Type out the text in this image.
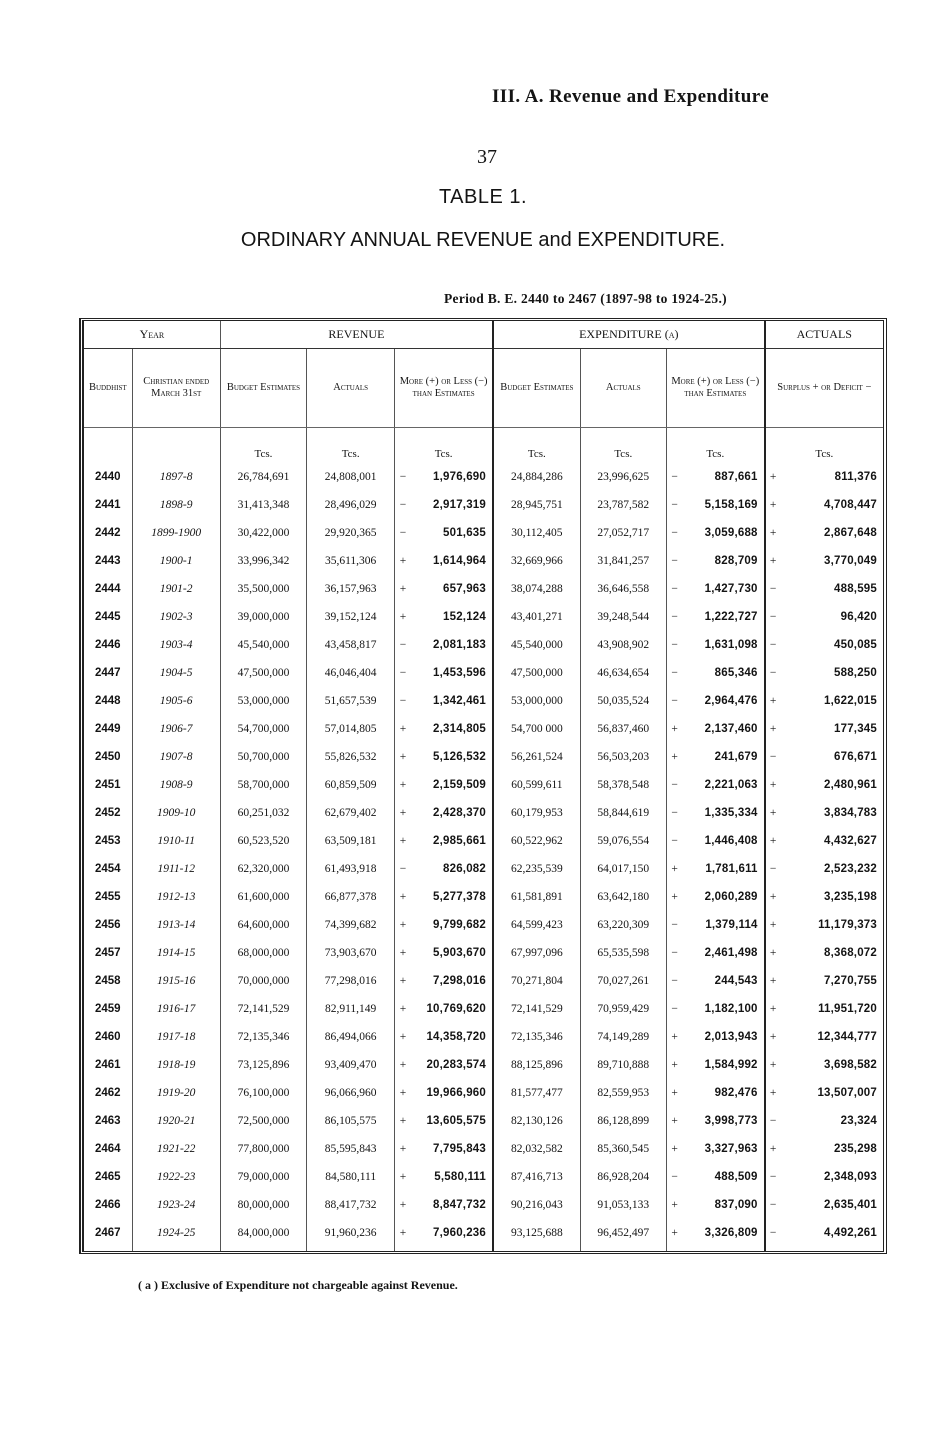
III. A. Revenue and Expenditure
37
TABLE 1.
ORDINARY ANNUAL REVENUE and EXPENDITURE.
Period B. E. 2440 to 2467 (1897-98 to 1924-25.)
Year		REVENUE				EXPENDITURE (a)				ACTUALS	
Buddhist	Christian ended March 31st	Budget Estimates	Actuals	More (+) or Less (−) than Estimates		Budget Estimates	Actuals	More (+) or Less (−) than Estimates		Surplus + or Deficit −	
		Tcs.	Tcs.	Tcs.		Tcs.	Tcs.	Tcs.		Tcs.	
2440	1897-8	26,784,691	24,808,001	−	1,976,690	24,884,286	23,996,625	−	887,661	+	811,376
2441	1898-9	31,413,348	28,496,029	−	2,917,319	28,945,751	23,787,582	−	5,158,169	+	4,708,447
2442	1899-1900	30,422,000	29,920,365	−	501,635	30,112,405	27,052,717	−	3,059,688	+	2,867,648
2443	1900-1	33,996,342	35,611,306	+	1,614,964	32,669,966	31,841,257	−	828,709	+	3,770,049
2444	1901-2	35,500,000	36,157,963	+	657,963	38,074,288	36,646,558	−	1,427,730	−	488,595
2445	1902-3	39,000,000	39,152,124	+	152,124	43,401,271	39,248,544	−	1,222,727	−	96,420
2446	1903-4	45,540,000	43,458,817	−	2,081,183	45,540,000	43,908,902	−	1,631,098	−	450,085
2447	1904-5	47,500,000	46,046,404	−	1,453,596	47,500,000	46,634,654	−	865,346	−	588,250
2448	1905-6	53,000,000	51,657,539	−	1,342,461	53,000,000	50,035,524	−	2,964,476	+	1,622,015
2449	1906-7	54,700,000	57,014,805	+	2,314,805	54,700 000	56,837,460	+	2,137,460	+	177,345
2450	1907-8	50,700,000	55,826,532	+	5,126,532	56,261,524	56,503,203	+	241,679	−	676,671
2451	1908-9	58,700,000	60,859,509	+	2,159,509	60,599,611	58,378,548	−	2,221,063	+	2,480,961
2452	1909-10	60,251,032	62,679,402	+	2,428,370	60,179,953	58,844,619	−	1,335,334	+	3,834,783
2453	1910-11	60,523,520	63,509,181	+	2,985,661	60,522,962	59,076,554	−	1,446,408	+	4,432,627
2454	1911-12	62,320,000	61,493,918	−	826,082	62,235,539	64,017,150	+	1,781,611	−	2,523,232
2455	1912-13	61,600,000	66,877,378	+	5,277,378	61,581,891	63,642,180	+	2,060,289	+	3,235,198
2456	1913-14	64,600,000	74,399,682	+	9,799,682	64,599,423	63,220,309	−	1,379,114	+	11,179,373
2457	1914-15	68,000,000	73,903,670	+	5,903,670	67,997,096	65,535,598	−	2,461,498	+	8,368,072
2458	1915-16	70,000,000	77,298,016	+	7,298,016	70,271,804	70,027,261	−	244,543	+	7,270,755
2459	1916-17	72,141,529	82,911,149	+	10,769,620	72,141,529	70,959,429	−	1,182,100	+	11,951,720
2460	1917-18	72,135,346	86,494,066	+	14,358,720	72,135,346	74,149,289	+	2,013,943	+	12,344,777
2461	1918-19	73,125,896	93,409,470	+	20,283,574	88,125,896	89,710,888	+	1,584,992	+	3,698,582
2462	1919-20	76,100,000	96,066,960	+	19,966,960	81,577,477	82,559,953	+	982,476	+	13,507,007
2463	1920-21	72,500,000	86,105,575	+	13,605,575	82,130,126	86,128,899	+	3,998,773	−	23,324
2464	1921-22	77,800,000	85,595,843	+	7,795,843	82,032,582	85,360,545	+	3,327,963	+	235,298
2465	1922-23	79,000,000	84,580,111	+	5,580,111	87,416,713	86,928,204	−	488,509	−	2,348,093
2466	1923-24	80,000,000	88,417,732	+	8,847,732	90,216,043	91,053,133	+	837,090	−	2,635,401
2467	1924-25	84,000,000	91,960,236	+	7,960,236	93,125,688	96,452,497	+	3,326,809	−	4,492,261
( a ) Exclusive of Expenditure not chargeable against Revenue.
